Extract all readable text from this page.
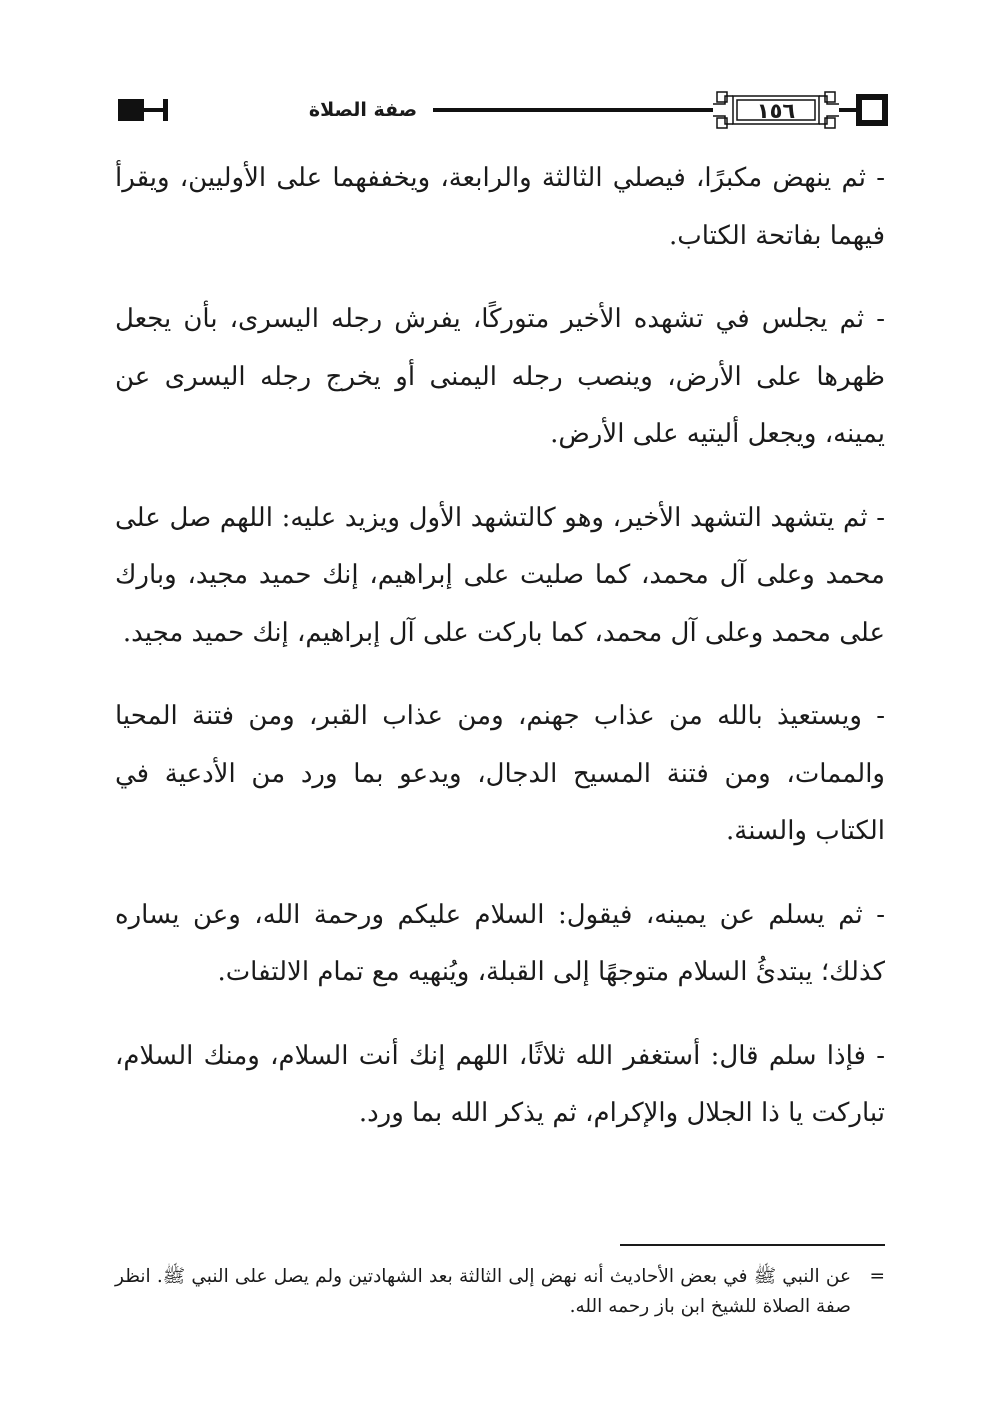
صفة الصلاة	١٥٦

- ثم ينهض مكبرًا، فيصلي الثالثة والرابعة، ويخففهما على الأوليين، ويقرأ فيهما بفاتحة الكتاب.

- ثم يجلس في تشهده الأخير متوركًا، يفرش رجله اليسرى، بأن يجعل ظهرها على الأرض، وينصب رجله اليمنى أو يخرج رجله اليسرى عن يمينه، ويجعل أليتيه على الأرض.

- ثم يتشهد التشهد الأخير، وهو كالتشهد الأول ويزيد عليه: اللهم صل على محمد وعلى آل محمد، كما صليت على إبراهيم، إنك حميد مجيد، وبارك على محمد وعلى آل محمد، كما باركت على آل إبراهيم، إنك حميد مجيد.

- ويستعيذ بالله من عذاب جهنم، ومن عذاب القبر، ومن فتنة المحيا والممات، ومن فتنة المسيح الدجال، ويدعو بما ورد من الأدعية في الكتاب والسنة.

- ثم يسلم عن يمينه، فيقول: السلام عليكم ورحمة الله، وعن يساره كذلك؛ يبتدئُ السلام متوجهًا إلى القبلة، ويُنهيه مع تمام الالتفات.

- فإذا سلم قال: أستغفر الله ثلاثًا، اللهم إنك أنت السلام، ومنك السلام، تباركت يا ذا الجلال والإكرام، ثم يذكر الله بما ورد.

=
عن النبي ﷺ في بعض الأحاديث أنه نهض إلى الثالثة بعد الشهادتين ولم يصل على النبي ﷺ. انظر صفة الصلاة للشيخ ابن باز رحمه الله.
